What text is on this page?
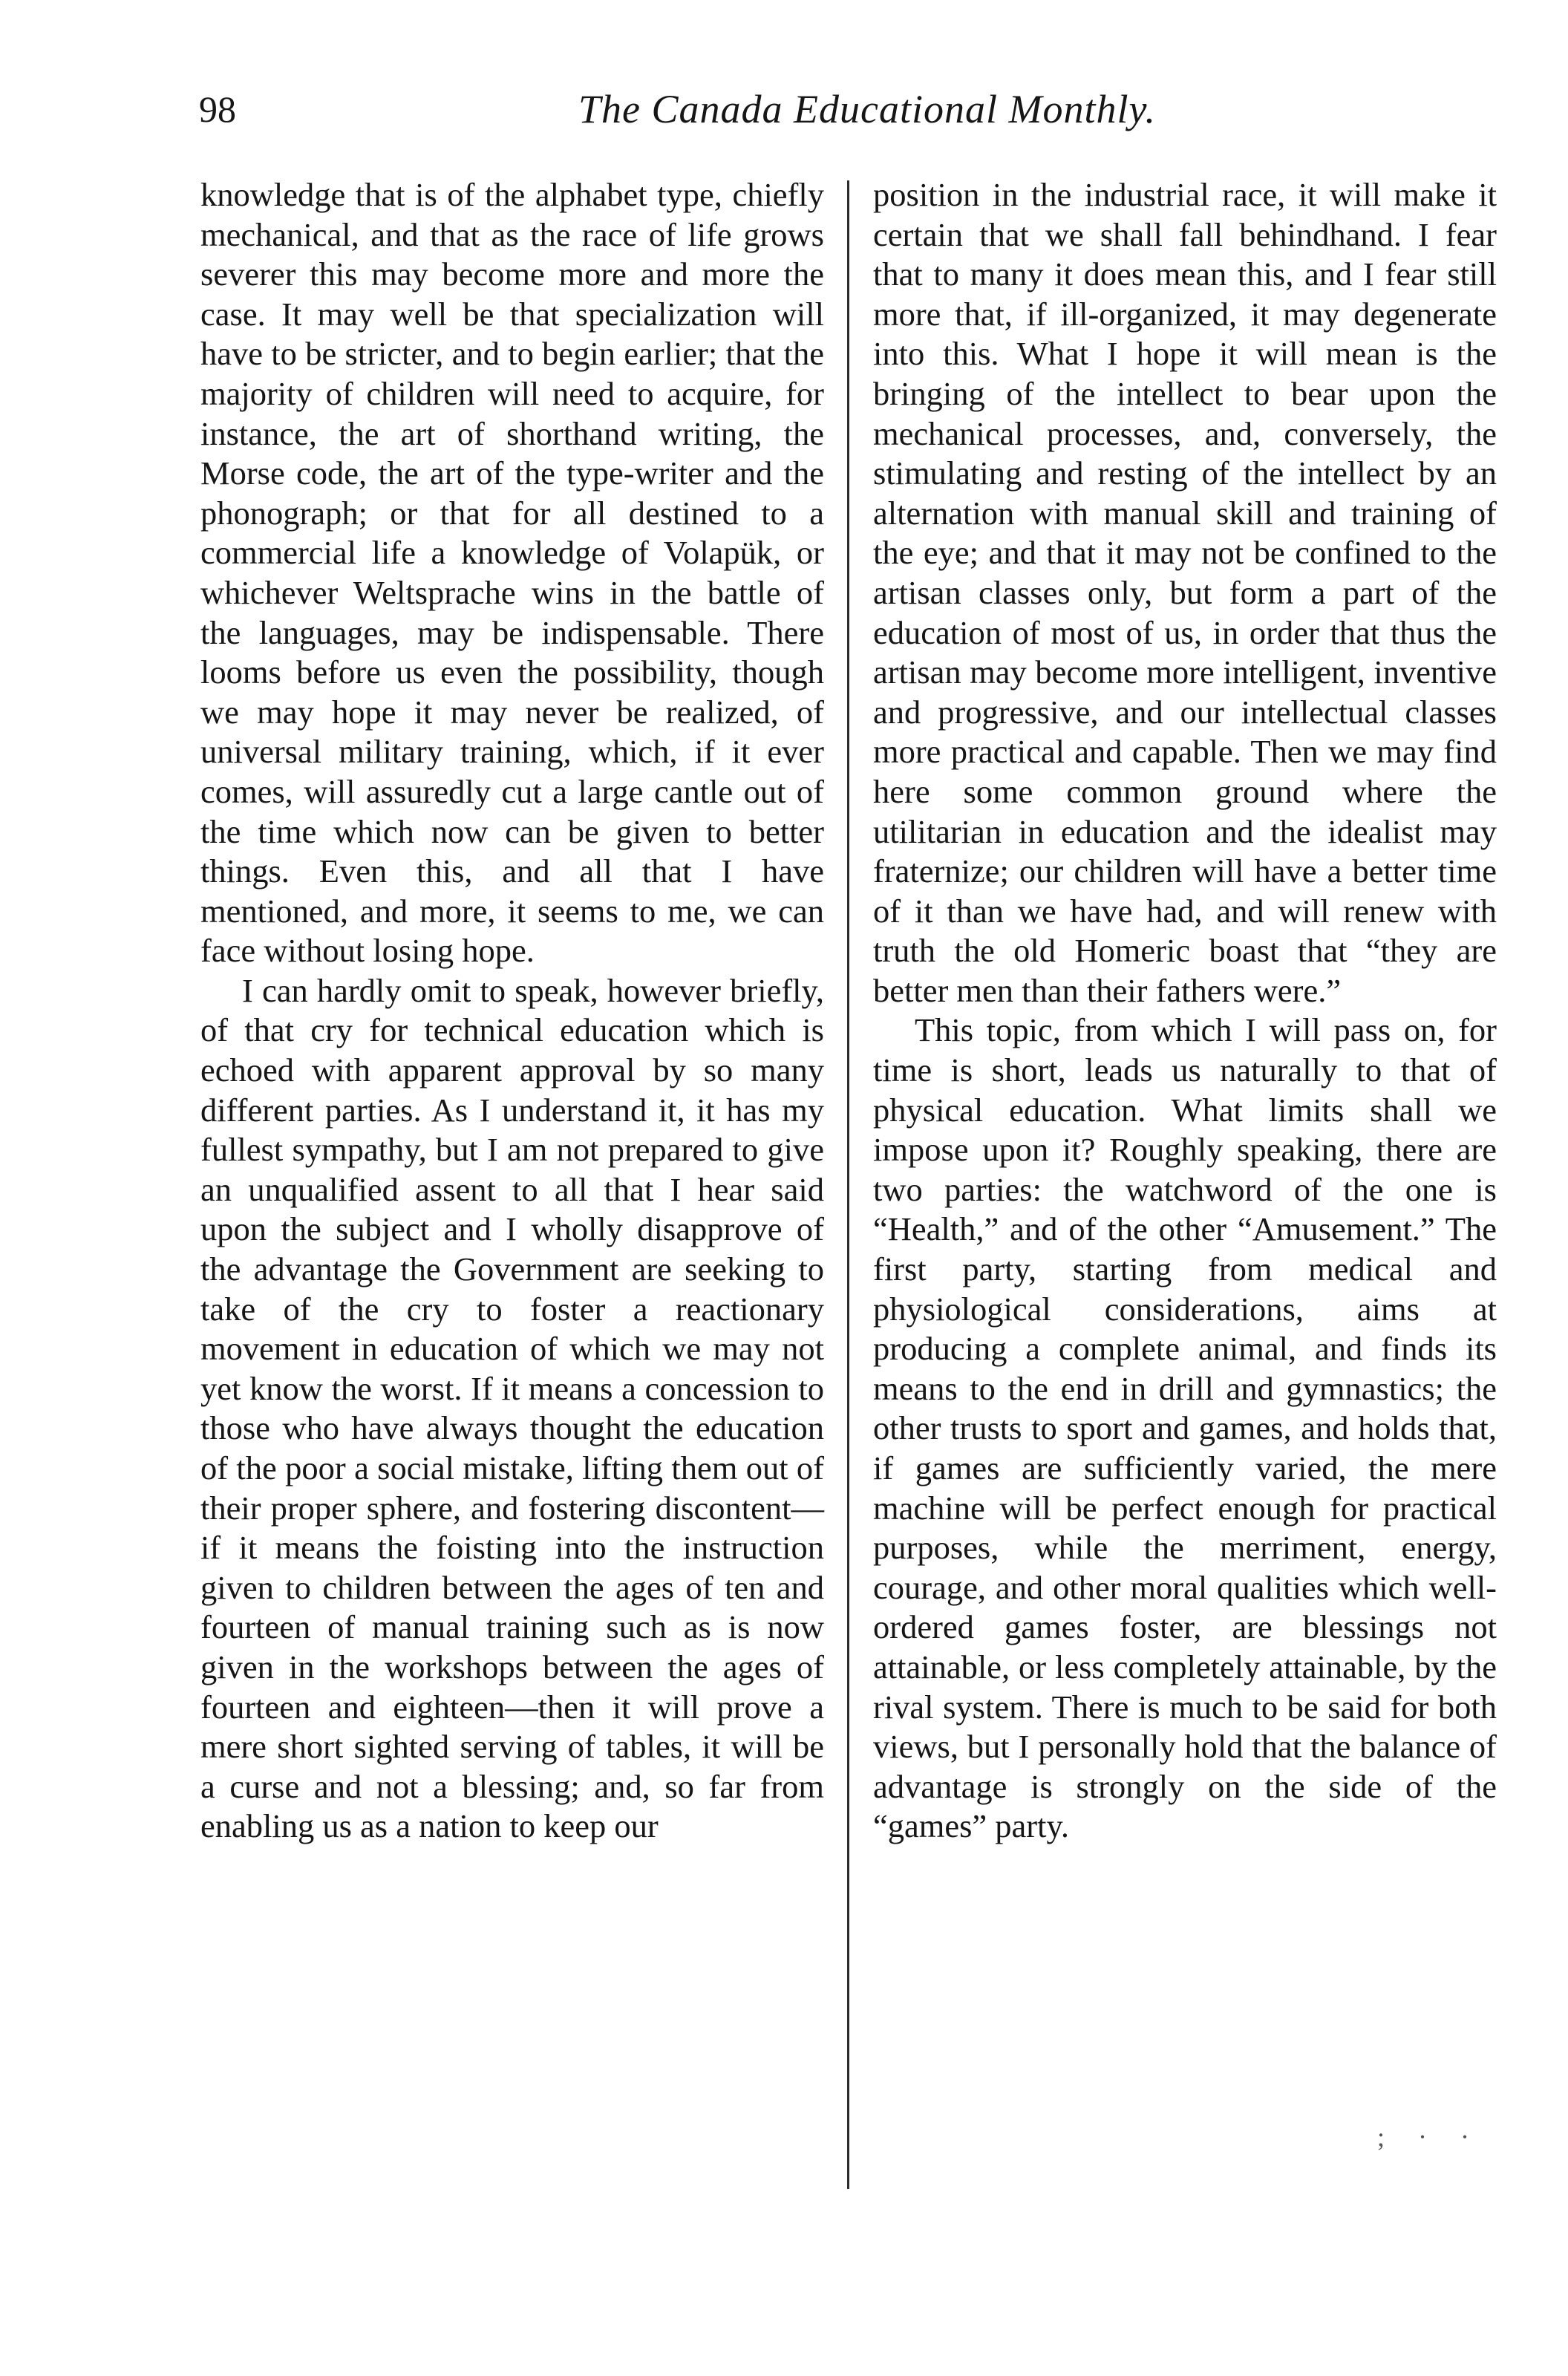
98	The Canada Educational Monthly.

knowledge that is of the alphabet type, chiefly mechanical, and that as the race of life grows severer this may become more and more the case. It may well be that specialization will have to be stricter, and to begin earlier; that the majority of children will need to acquire, for instance, the art of shorthand writing, the Morse code, the art of the type-writer and the phonograph; or that for all destined to a commercial life a knowledge of Volapük, or whichever Weltsprache wins in the battle of the languages, may be indispensable. There looms before us even the possibility, though we may hope it may never be realized, of universal military training, which, if it ever comes, will assuredly cut a large cantle out of the time which now can be given to better things. Even this, and all that I have mentioned, and more, it seems to me, we can face without losing hope.

I can hardly omit to speak, however briefly, of that cry for technical education which is echoed with apparent approval by so many different parties. As I understand it, it has my fullest sympathy, but I am not prepared to give an unqualified assent to all that I hear said upon the subject and I wholly disapprove of the advantage the Government are seeking to take of the cry to foster a reactionary movement in education of which we may not yet know the worst. If it means a concession to those who have always thought the education of the poor a social mistake, lifting them out of their proper sphere, and fostering discontent—if it means the foisting into the instruction given to children between the ages of ten and fourteen of manual training such as is now given in the workshops between the ages of fourteen and eighteen—then it will prove a mere short sighted serving of tables, it will be a curse and not a blessing; and, so far from enabling us as a nation to keep our

position in the industrial race, it will make it certain that we shall fall behindhand. I fear that to many it does mean this, and I fear still more that, if ill-organized, it may degenerate into this. What I hope it will mean is the bringing of the intellect to bear upon the mechanical processes, and, conversely, the stimulating and resting of the intellect by an alternation with manual skill and training of the eye; and that it may not be confined to the artisan classes only, but form a part of the education of most of us, in order that thus the artisan may become more intelligent, inventive and progressive, and our intellectual classes more practical and capable. Then we may find here some common ground where the utilitarian in education and the idealist may fraternize; our children will have a better time of it than we have had, and will renew with truth the old Homeric boast that “they are better men than their fathers were.”

This topic, from which I will pass on, for time is short, leads us naturally to that of physical education. What limits shall we impose upon it? Roughly speaking, there are two parties: the watchword of the one is “Health,” and of the other “Amusement.” The first party, starting from medical and physiological considerations, aims at producing a complete animal, and finds its means to the end in drill and gymnastics; the other trusts to sport and games, and holds that, if games are sufficiently varied, the mere machine will be perfect enough for practical purposes, while the merriment, energy, courage, and other moral qualities which well-ordered games foster, are blessings not attainable, or less completely attainable, by the rival system. There is much to be said for both views, but I personally hold that the balance of advantage is strongly on the side of the “games” party.

; · ·
